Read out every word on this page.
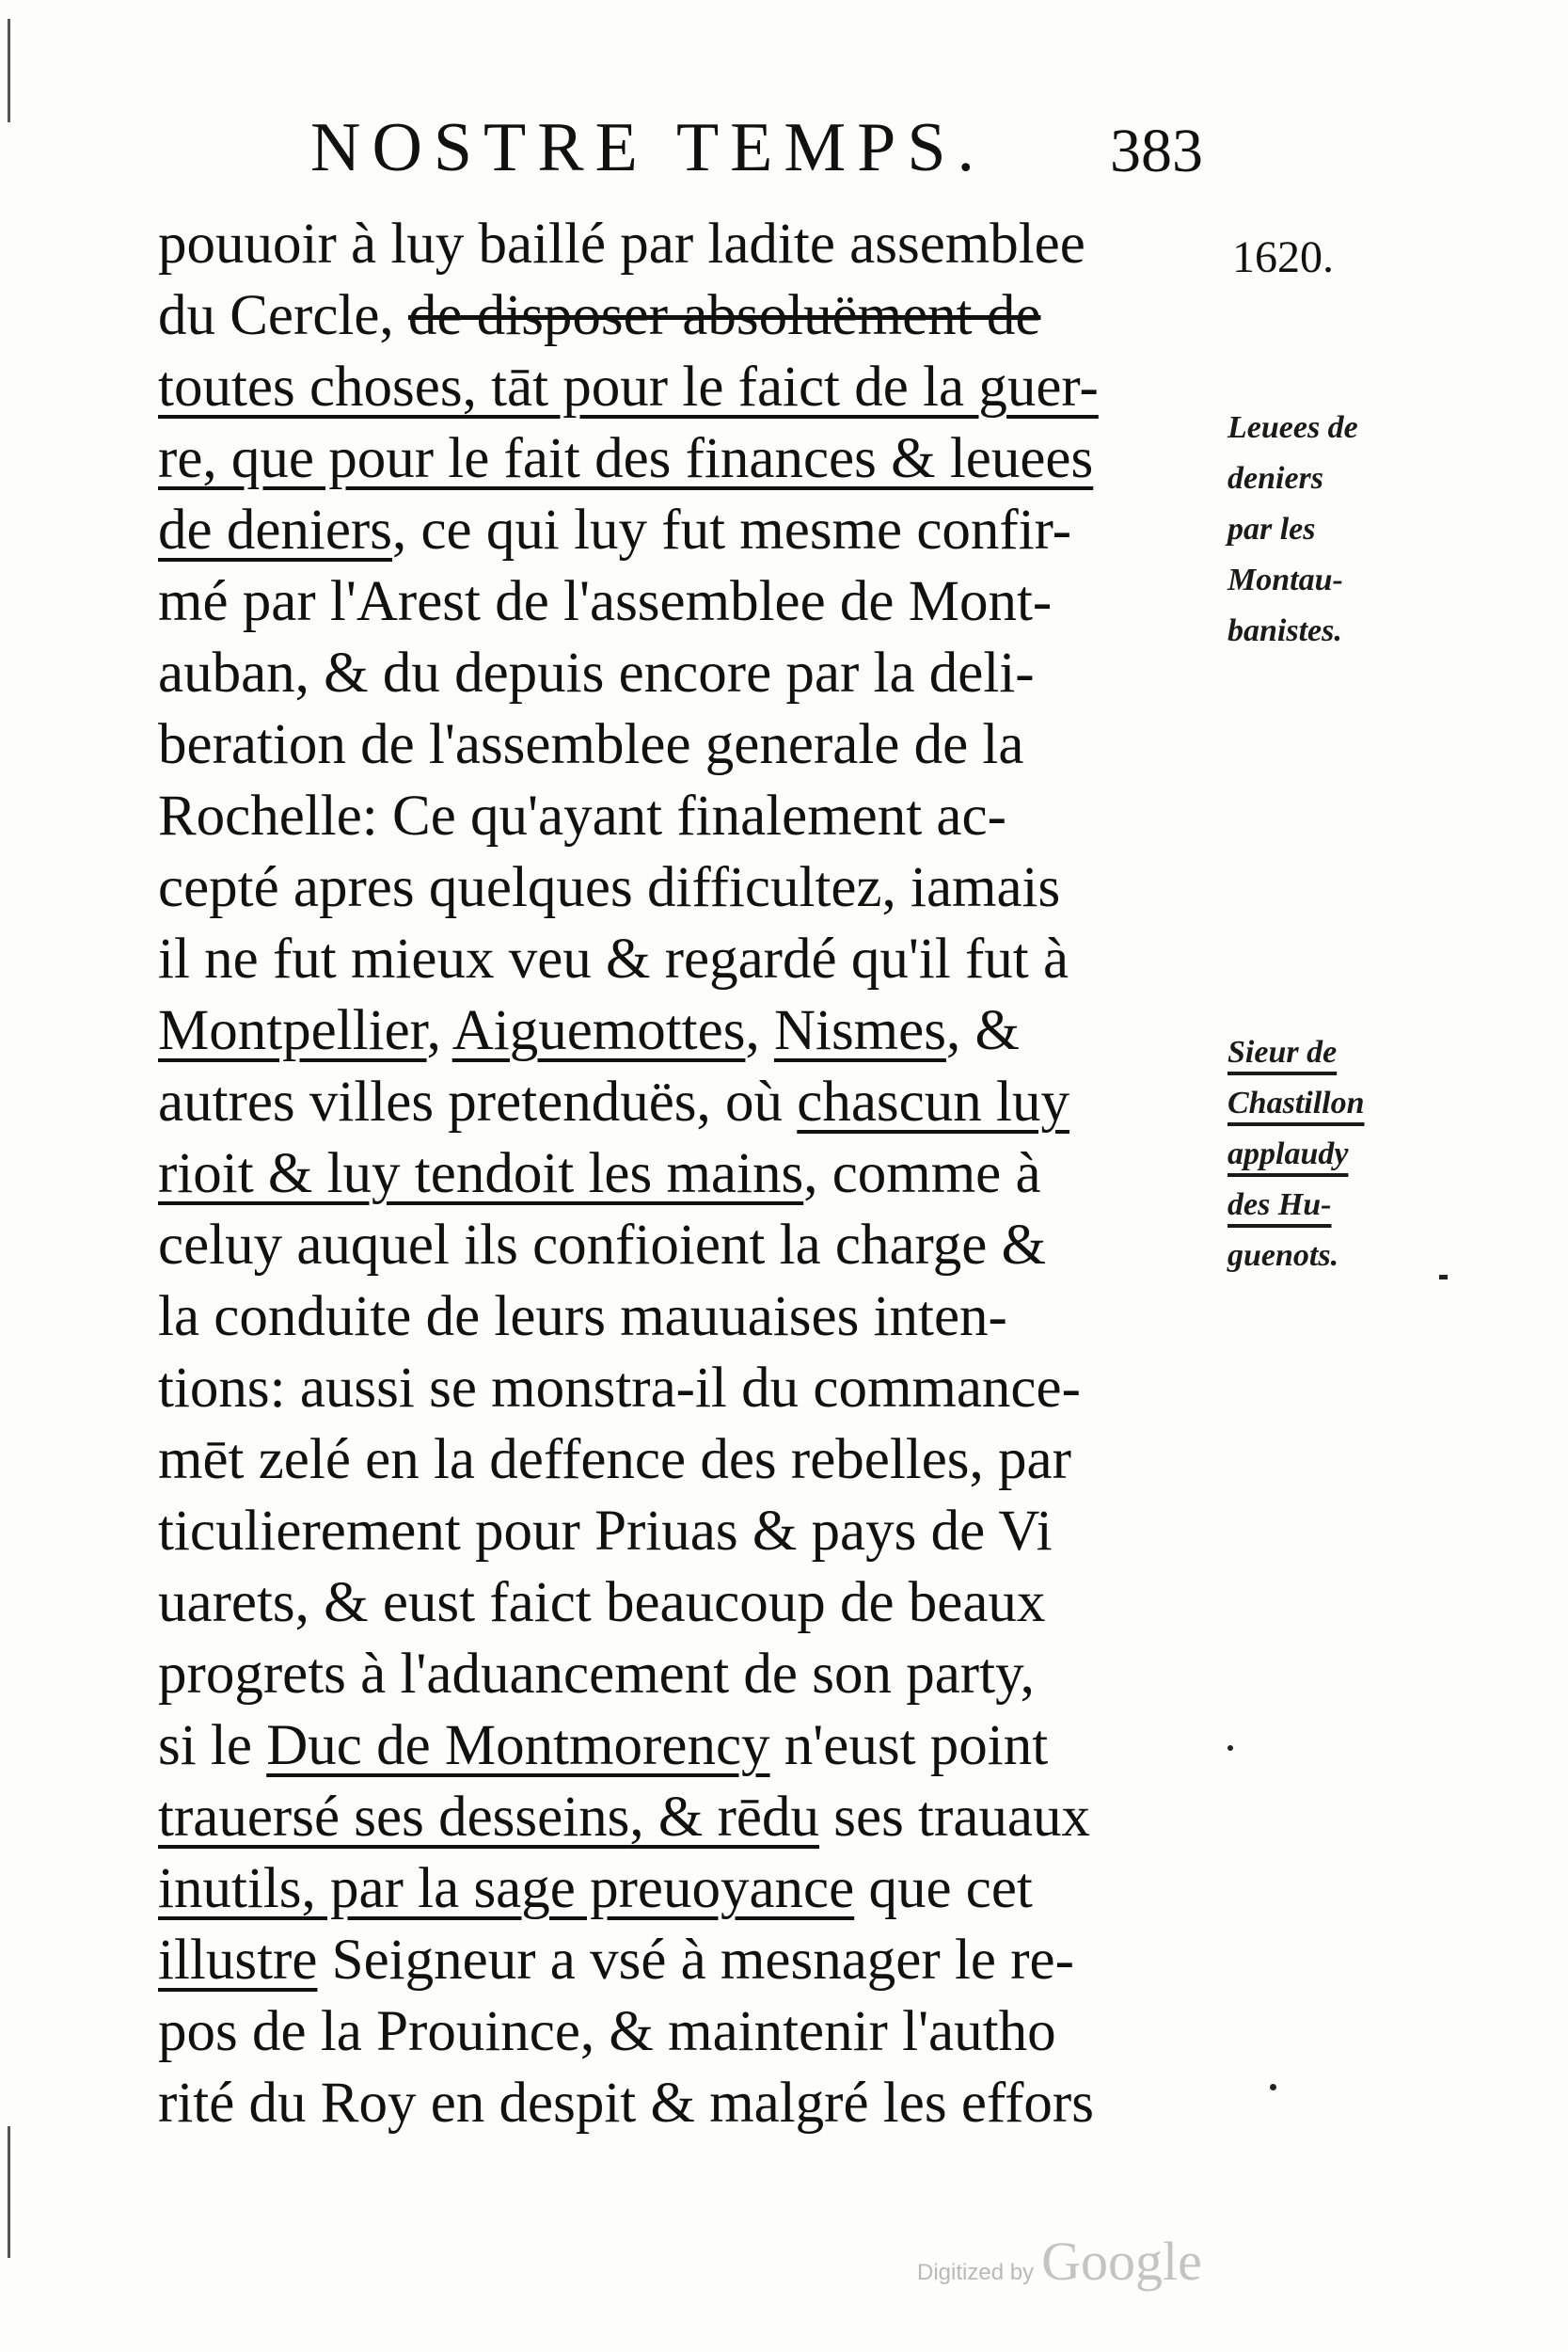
NOSTRE TEMPS. 383
1620.
pouuoir à luy baillé par ladite assemblee
du Cercle, de disposer absoluëment de
toutes choses, tāt pour le faict de la guer-
re, que pour le fait des finances & leuees
de deniers, ce qui luy fut mesme confir-
mé par l'Arest de l'assemblee de Mont-
auban, & du depuis encore par la deli-
beration de l'assemblee generale de la
Rochelle: Ce qu'ayant finalement ac-
cepté apres quelques difficultez, iamais
il ne fut mieux veu & regardé qu'il fut à
Montpellier, Aiguemottes, Nismes, &
autres villes pretenduës, où chascun luy
rioit & luy tendoit les mains, comme à
celuy auquel ils confioient la charge &
la conduite de leurs mauuaises inten-
tions: aussi se monstra-il du commance-
mēt zelé en la deffence des rebelles, par
ticulierement pour Priuas & pays de Vi
uarets, & eust faict beaucoup de beaux
progrets à l'aduancement de son party,
si le Duc de Montmorency n'eust point
trauersé ses desseins, & rēdu ses trauaux
inutils, par la sage preuoyance que cet
illustre Seigneur a vsé à mesnager le re-
pos de la Prouince, & maintenir l'autho
rité du Roy en despit & malgré les effors
Leuees de
deniers
par les
Montau-
banistes.
Sieur de
Chastillon
applaudy
des Hu-
guenots.
Digitized by Google
